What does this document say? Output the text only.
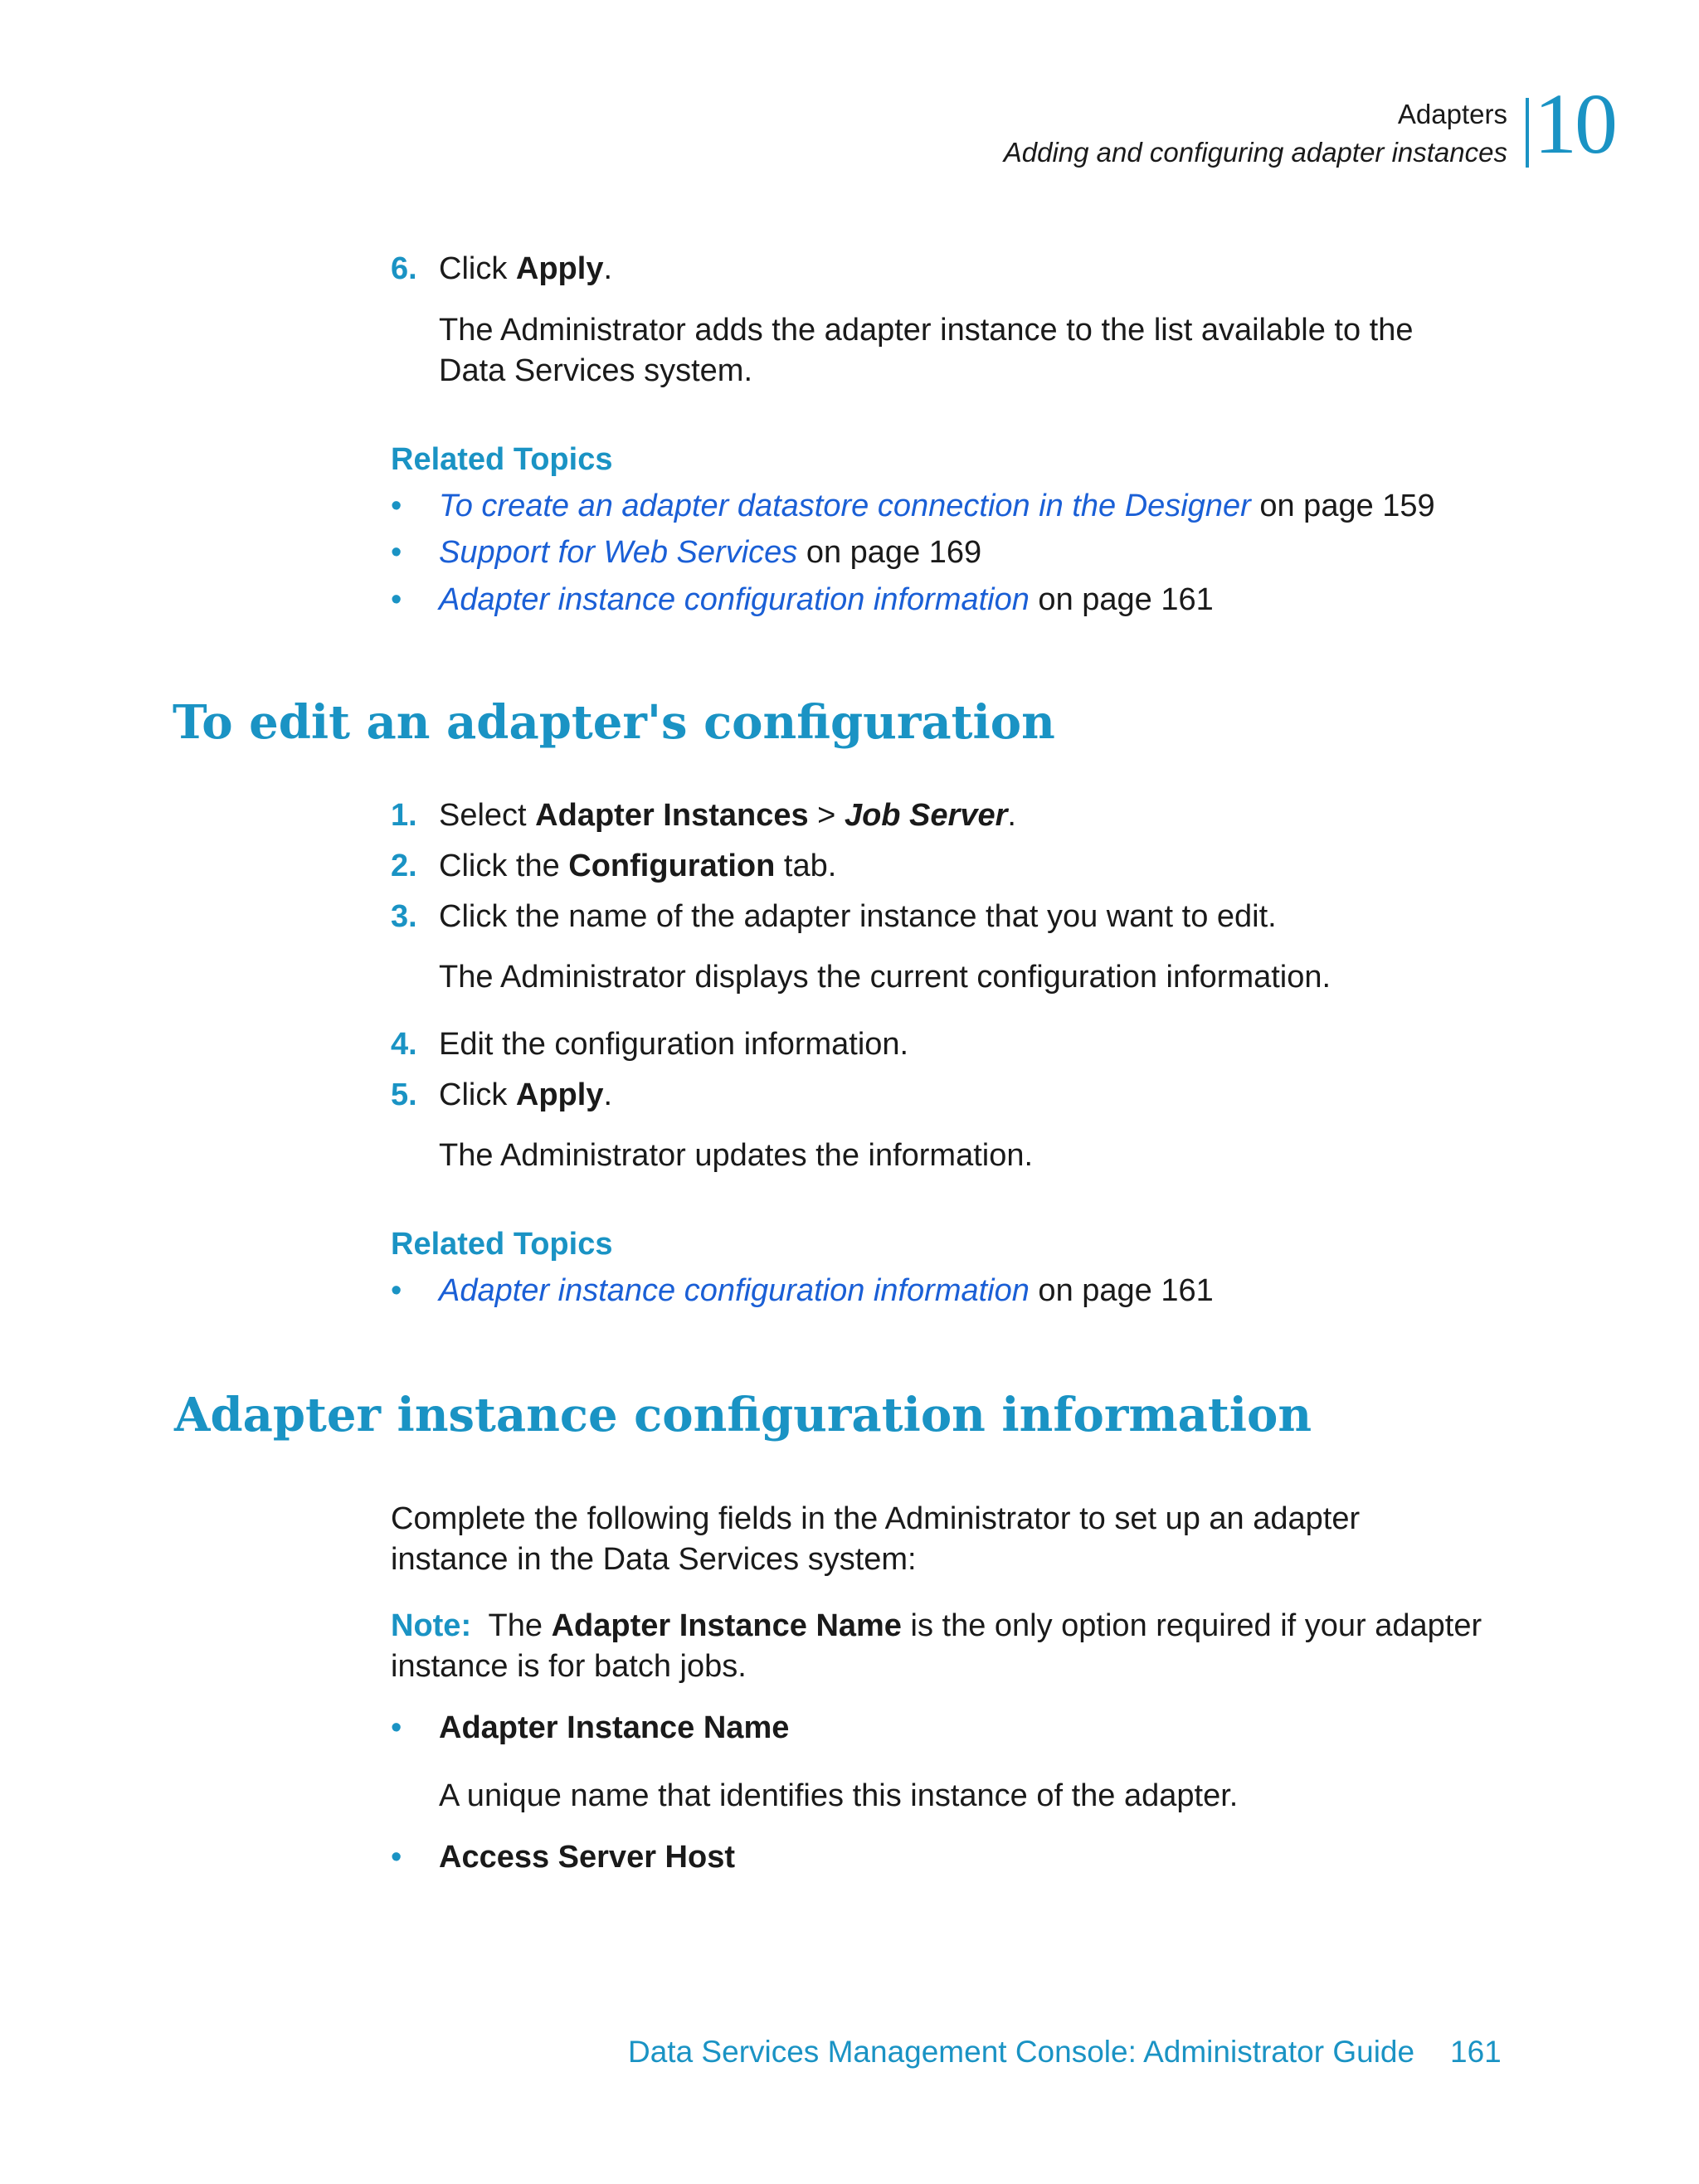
Adapters
Adding and configuring adapter instances 10
6. Click Apply.
The Administrator adds the adapter instance to the list available to the
Data Services system.
Related Topics
• To create an adapter datastore connection in the Designer on page 159
• Support for Web Services on page 169
• Adapter instance configuration information on page 161
To edit an adapter's configuration
1. Select Adapter Instances > Job Server.
2. Click the Configuration tab.
3. Click the name of the adapter instance that you want to edit.
The Administrator displays the current configuration information.
4. Edit the configuration information.
5. Click Apply.
The Administrator updates the information.
Related Topics
• Adapter instance configuration information on page 161
Adapter instance configuration information
Complete the following fields in the Administrator to set up an adapter
instance in the Data Services system:
Note:  The Adapter Instance Name is the only option required if your adapter
instance is for batch jobs.
• Adapter Instance Name
A unique name that identifies this instance of the adapter.
• Access Server Host
Data Services Management Console: Administrator Guide 161
